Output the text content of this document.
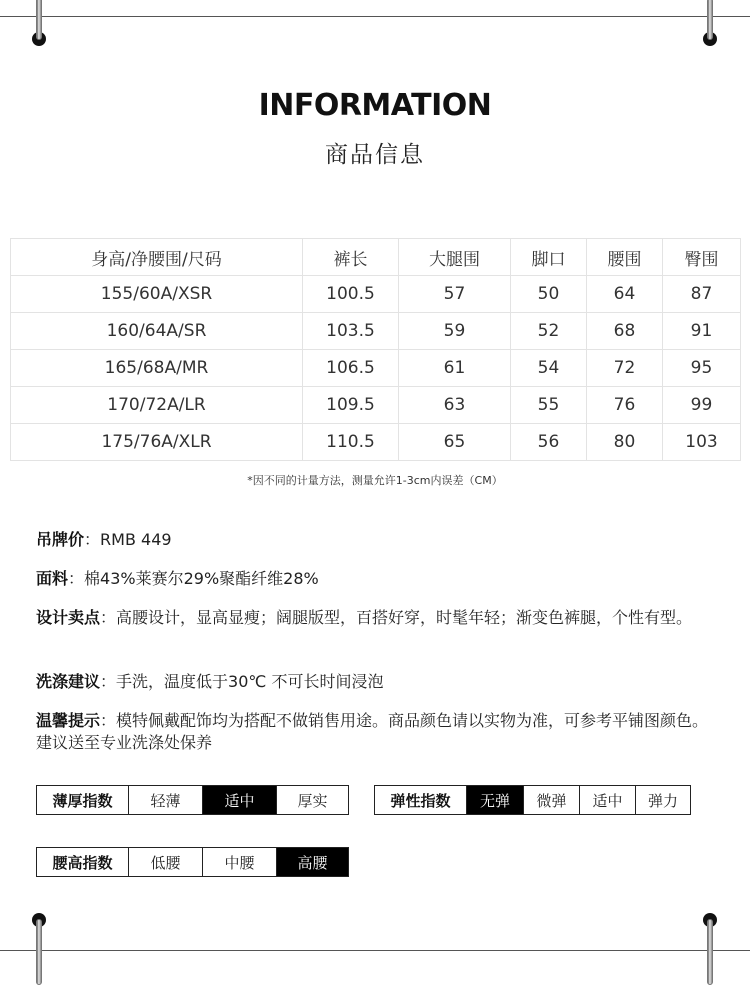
INFORMATION
商品信息
身高/净腰围/尺码	裤长	大腿围	脚口	腰围	臀围
155/60A/XSR	100.5	57	50	64	87
160/64A/SR	103.5	59	52	68	91
165/68A/MR	106.5	61	54	72	95
170/72A/LR	109.5	63	55	76	99
175/76A/XLR	110.5	65	56	80	103
*因不同的计量方法，测量允许1-3cm内误差（CM）
吊牌价：RMB 449
面料：棉43%莱赛尔29%聚酯纤维28%
设计卖点：高腰设计，显高显瘦；阔腿版型，百搭好穿，时髦年轻；渐变色裤腿，个性有型。
洗涤建议：手洗，温度低于30℃ 不可长时间浸泡
温馨提示：模特佩戴配饰均为搭配不做销售用途。商品颜色请以实物为准，可参考平铺图颜色。建议送至专业洗涤处保养
薄厚指数	轻薄	适中	厚实	弹性指数	无弹	微弹	适中	弹力
腰高指数	低腰	中腰	高腰
